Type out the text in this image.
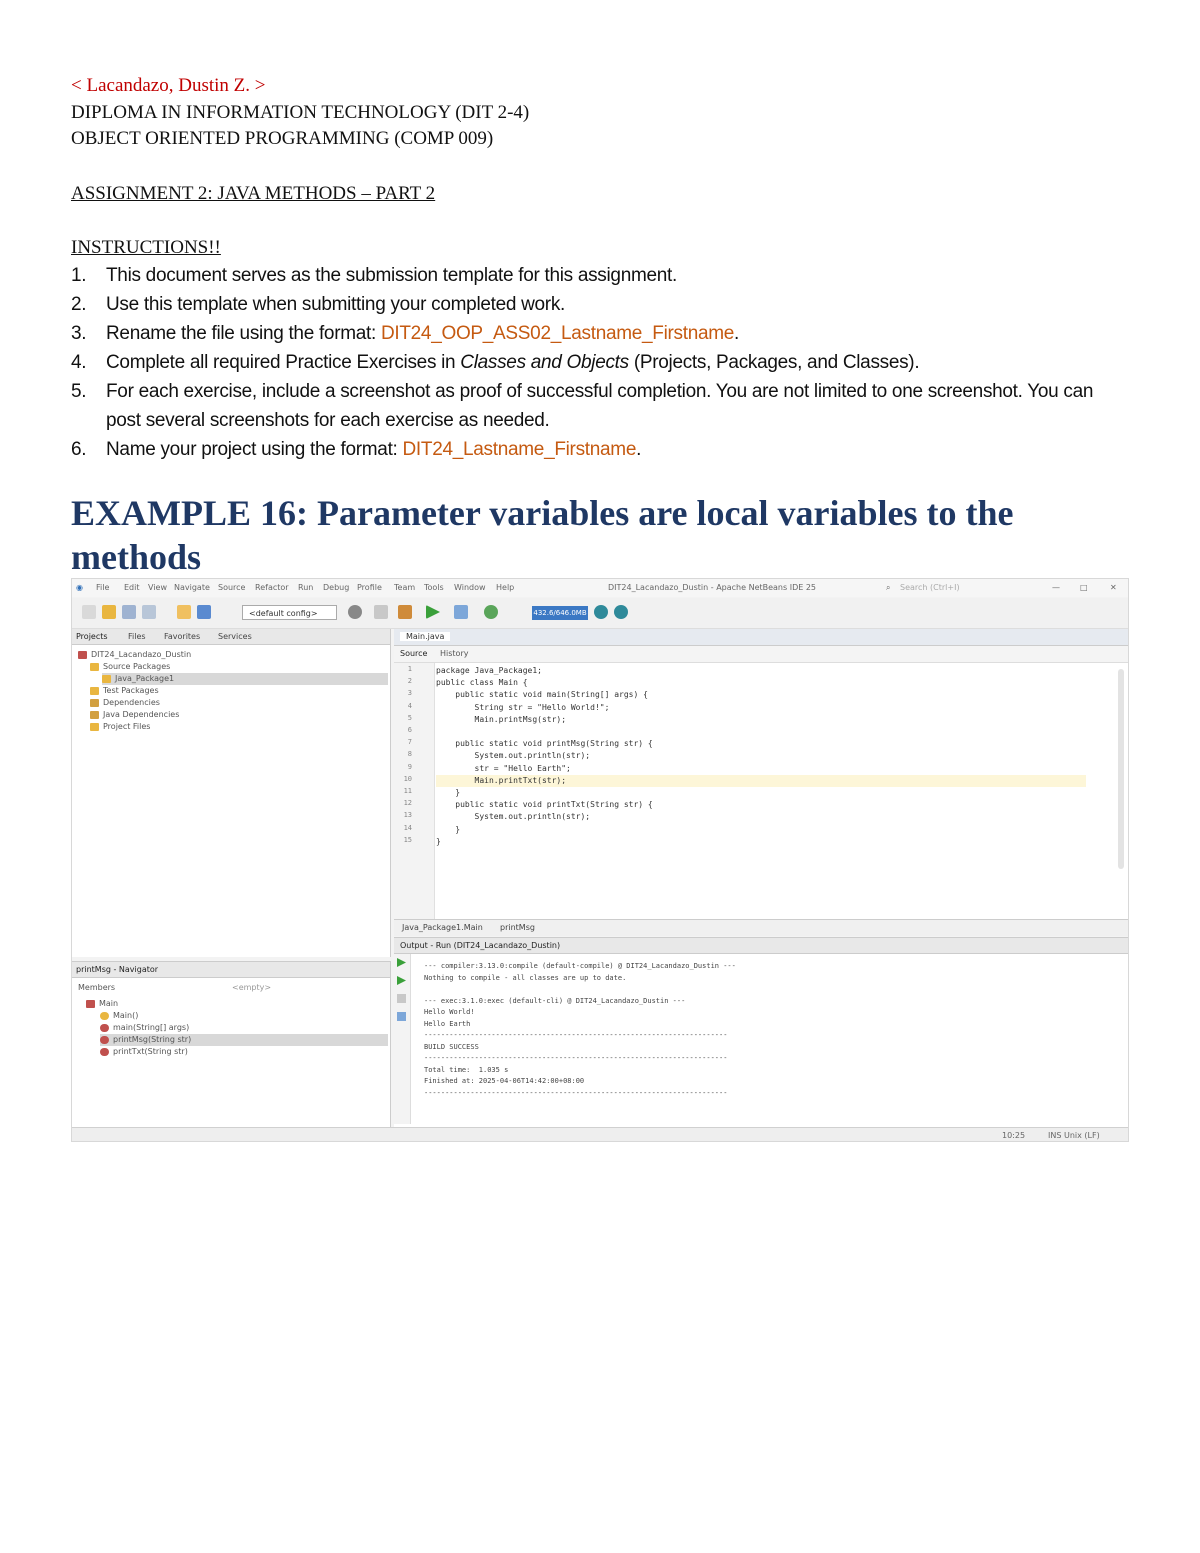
< Lacandazo, Dustin Z. >
DIPLOMA IN INFORMATION TECHNOLOGY (DIT 2-4)
OBJECT ORIENTED PROGRAMMING (COMP 009)
ASSIGNMENT 2: JAVA METHODS – PART 2
INSTRUCTIONS!!
1. This document serves as the submission template for this assignment.
2. Use this template when submitting your completed work.
3. Rename the file using the format: DIT24_OOP_ASS02_Lastname_Firstname.
4. Complete all required Practice Exercises in Classes and Objects (Projects, Packages, and Classes).
5. For each exercise, include a screenshot as proof of successful completion. You are not limited to one screenshot. You can post several screenshots for each exercise as needed.
6. Name your project using the format: DIT24_Lastname_Firstname.
EXAMPLE 16: Parameter variables are local variables to the methods
◉ File Edit View Navigate Source Refactor Run Debug Profile Team Tools Window Help	DIT24_Lacandazo_Dustin - Apache NetBeans IDE 25	⌕ Search (Ctrl+I)	—	□	✕
<default config>	432.6/646.0MB
Projects	Files Favorites Services
DIT24_Lacandazo_Dustin
Source Packages
Java_Package1
Test Packages
Dependencies
Java Dependencies
Project Files
printMsg - Navigator
Members	<empty>
Main
Main()
main(String[] args)
printMsg(String str)
printTxt(String str)
Main.java
Source History
1
2
3
4
5
6
7
8
9
10
11
12
13
14
15
package Java_Package1;
public class Main {
public static void main(String[] args) {
String str = "Hello World!";
Main.printMsg(str);
public static void printMsg(String str) {
System.out.println(str);
str = "Hello Earth";
Main.printTxt(str);
}
public static void printTxt(String str) {
System.out.println(str);
}
}
Java_Package1.Main printMsg
Output - Run (DIT24_Lacandazo_Dustin)
--- compiler:3.13.0:compile (default-compile) @ DIT24_Lacandazo_Dustin ---
Nothing to compile - all classes are up to date.
--- exec:3.1.0:exec (default-cli) @ DIT24_Lacandazo_Dustin ---
Hello World!
Hello Earth
------------------------------------------------------------------------
BUILD SUCCESS
------------------------------------------------------------------------
Total time:  1.035 s
Finished at: 2025-04-06T14:42:00+08:00
------------------------------------------------------------------------
10:25	INS Unix (LF)
